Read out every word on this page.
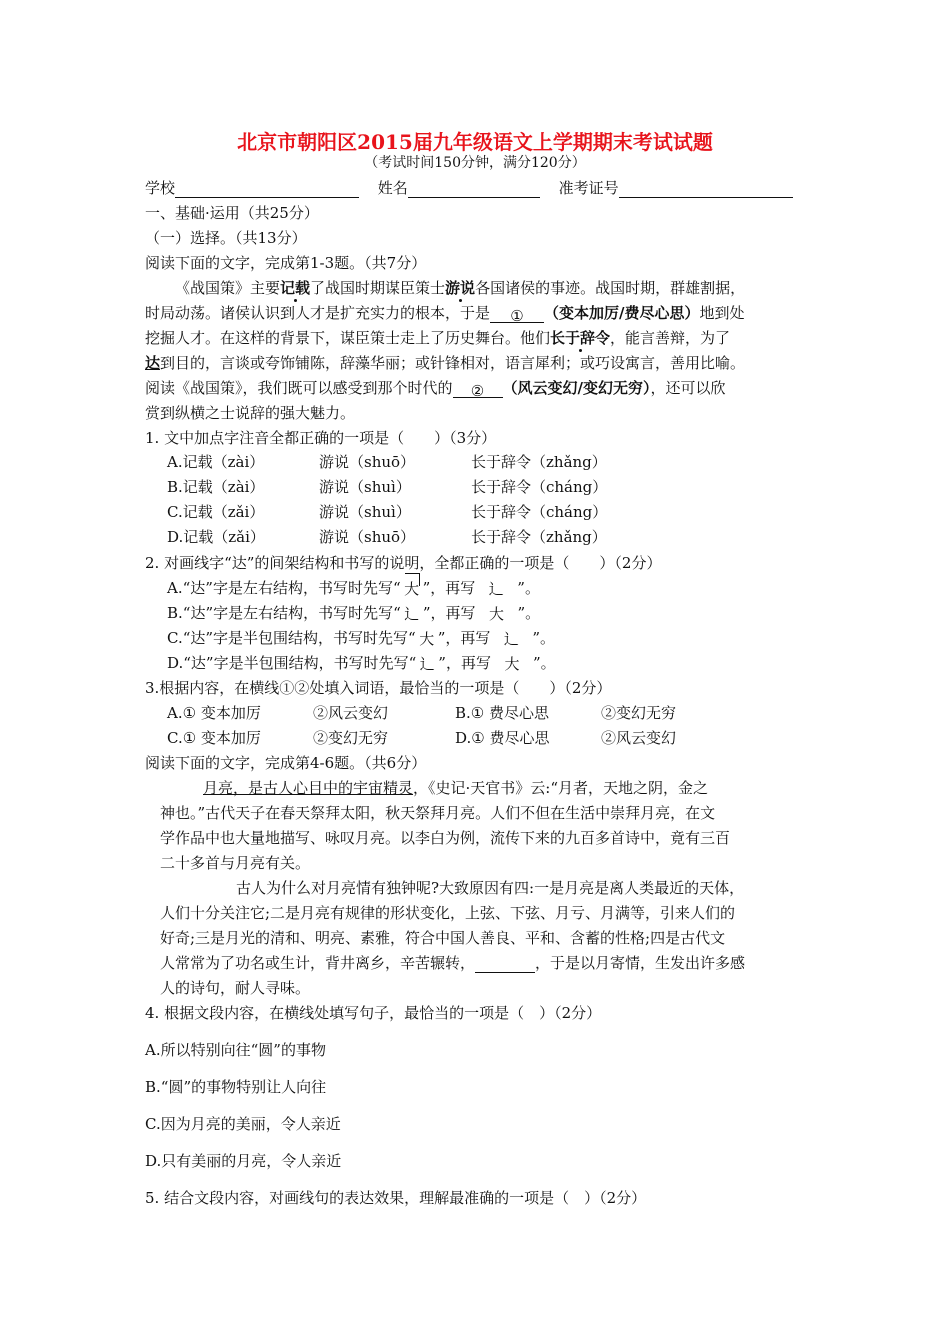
北京市朝阳区2015届九年级语文上学期期末考试试题
（考试时间150分钟，满分120分）
学校	姓名	准考证号
一、基础·运用（共25分）
（一）选择。（共13分）
阅读下面的文字，完成第1-3题。（共7分）
《战国策》主要记载了战国时期谋臣策士游说各国诸侯的事迹。战国时期，群雄割据，
时局动荡。诸侯认识到人才是扩充实力的根本，于是 ① （变本加厉/费尽心思）地到处
挖掘人才。在这样的背景下，谋臣策士走上了历史舞台。他们长于辞令，能言善辩，为了
达到目的，言谈或夸饰铺陈，辞藻华丽；或针锋相对，语言犀利；或巧设寓言，善用比喻。
阅读《战国策》，我们既可以感受到那个时代的 ② （风云变幻/变幻无穷），还可以欣
赏到纵横之士说辞的强大魅力。
1. 文中加点字注音全都正确的一项是（　　）（3分）
A.记载（zài）	游说（shuō）	长于辞令（zhǎng）
B.记载（zài）	游说（shuì）	长于辞令（cháng）
C.记载（zǎi）	游说（shuì）	长于辞令（cháng）
D.记载（zǎi）	游说（shuō）	长于辞令（zhǎng）
2. 对画线字“达”的间架结构和书写的说明，全都正确的一项是（　　）（2分）
A.“达”字是左右结构，书写时先写“ 大 ”，再写 辶 ”。
B.“达”字是左右结构，书写时先写“ 辶 ”，再写 大 ”。
C.“达”字是半包围结构，书写时先写“ 大 ”，再写 辶 ”。
D.“达”字是半包围结构，书写时先写“ 辶 ”，再写 大 ”。
3.根据内容，在横线①②处填入词语，最恰当的一项是（　　）（2分）
A.① 变本加厉	②风云变幻	B.① 费尽心思	②变幻无穷
C.① 变本加厉	②变幻无穷	D.① 费尽心思	②风云变幻
阅读下面的文字，完成第4-6题。（共6分）
月亮，是古人心目中的宇宙精灵，《史记·天官书》云:“月者，天地之阴，金之
神也。”古代天子在春天祭拜太阳，秋天祭拜月亮。人们不但在生活中崇拜月亮，在文
学作品中也大量地描写、咏叹月亮。以李白为例，流传下来的九百多首诗中，竟有三百
二十多首与月亮有关。
古人为什么对月亮情有独钟呢?大致原因有四:一是月亮是离人类最近的天体，
人们十分关注它;二是月亮有规律的形状变化，上弦、下弦、月亏、月满等，引来人们的
好奇;三是月光的清和、明亮、素雅，符合中国人善良、平和、含蓄的性格;四是古代文
人常常为了功名或生计，背井离乡，辛苦辗转，	，于是以月寄情，生发出许多感
人的诗句，耐人寻味。
4. 根据文段内容，在横线处填写句子，最恰当的一项是（　）（2分）
A.所以特别向往“圆”的事物
B.“圆”的事物特别让人向往
C.因为月亮的美丽，令人亲近
D.只有美丽的月亮，令人亲近
5. 结合文段内容，对画线句的表达效果，理解最准确的一项是（　）（2分）
